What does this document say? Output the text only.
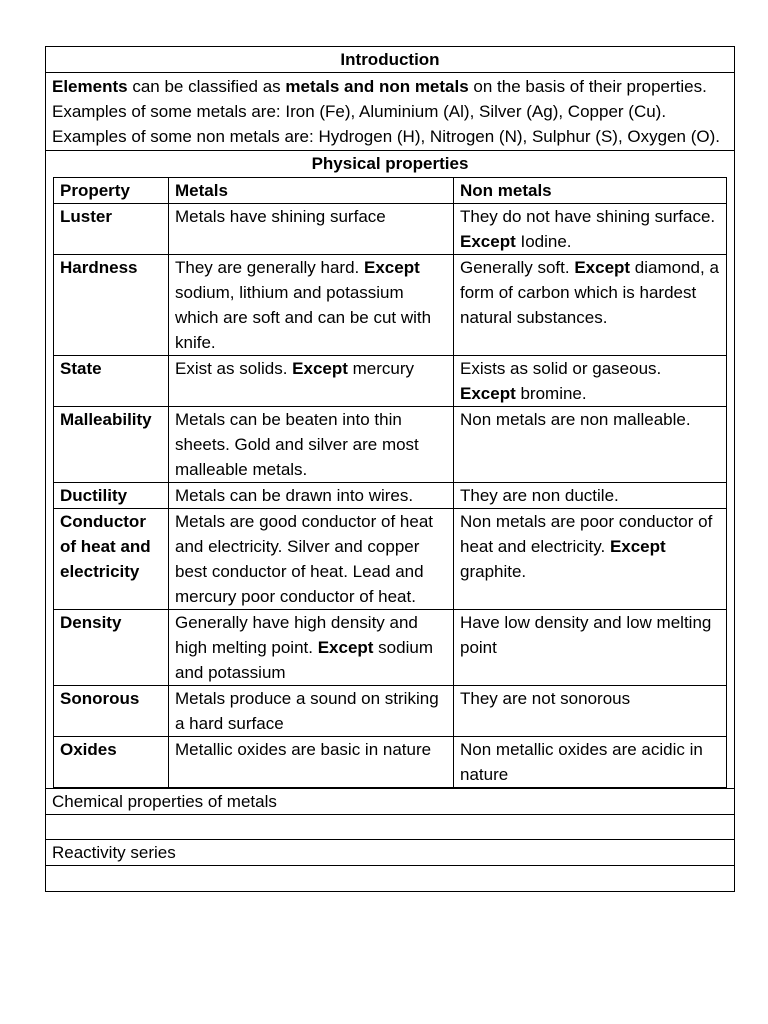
Introduction

Elements can be classified as metals and non metals on the basis of their properties.

Examples of some metals are: Iron (Fe), Aluminium (Al), Silver (Ag), Copper (Cu).

Examples of some non metals are: Hydrogen (H), Nitrogen (N), Sulphur (S), Oxygen (O).

Physical properties
Property	Metals	Non metals
Luster	Metals have shining surface	They do not have shining surface. Except Iodine.
Hardness	They are generally hard. Except sodium, lithium and potassium which are soft and can be cut with knife.	Generally soft. Except diamond, a form of carbon which is hardest natural substances.
State	Exist as solids. Except mercury	Exists as solid or gaseous. Except bromine.
Malleability	Metals can be beaten into thin sheets. Gold and silver are most malleable metals.	Non metals are non malleable.
Ductility	Metals can be drawn into wires.	They are non ductile.
Conductor of heat and electricity	Metals are good conductor of heat and electricity. Silver and copper best conductor of heat. Lead and mercury poor conductor of heat.	Non metals are poor conductor of heat and electricity. Except graphite.
Density	Generally have high density and high melting point. Except sodium and potassium	Have low density and low melting point
Sonorous	Metals produce a sound on striking a hard surface	They are not sonorous
Oxides	Metallic oxides are basic in nature	Non metallic oxides are acidic in nature
Chemical properties of metals
Reactivity series
